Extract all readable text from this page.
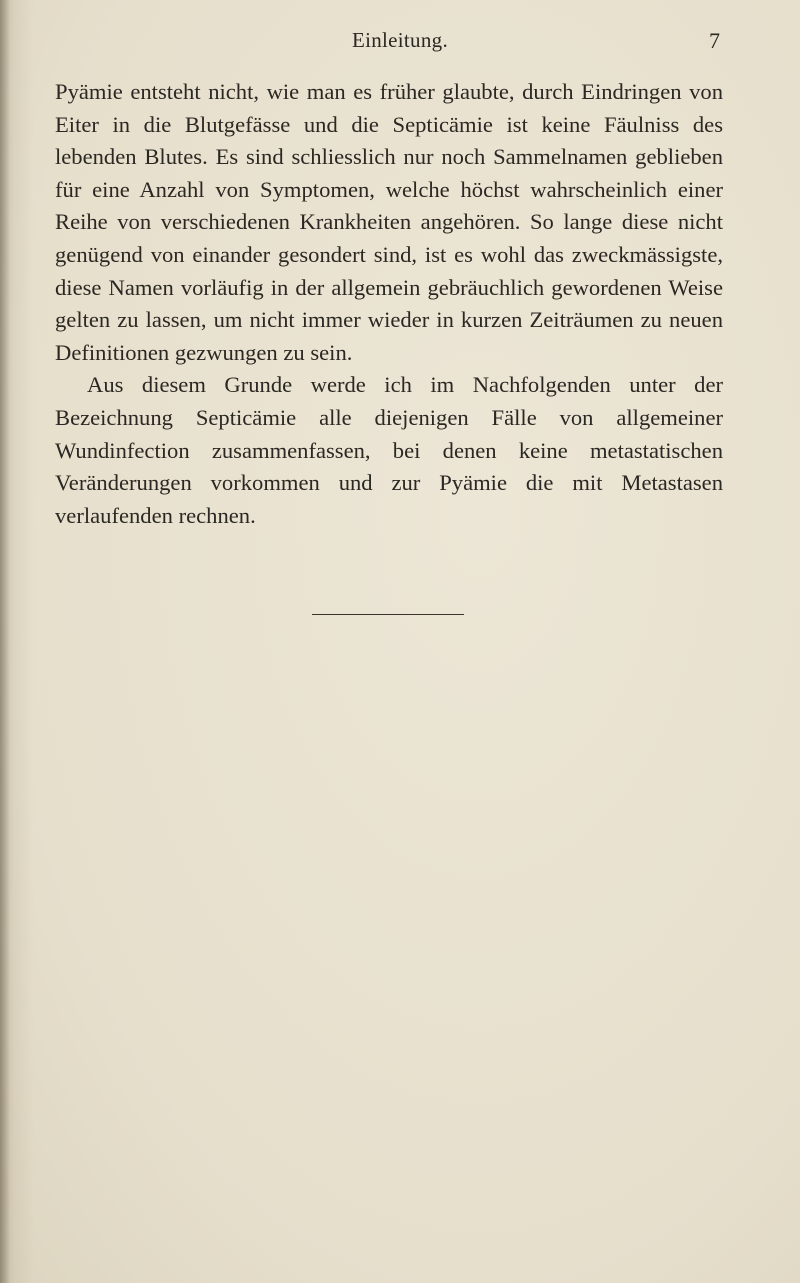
Einleitung.	7

Pyämie entsteht nicht, wie man es früher glaubte, durch Eindringen von Eiter in die Blutgefässe und die Septicämie ist keine Fäulniss des lebenden Blutes. Es sind schliesslich nur noch Sammelnamen geblieben für eine Anzahl von Symptomen, welche höchst wahrscheinlich einer Reihe von verschiedenen Krankheiten angehören. So lange diese nicht genügend von einander gesondert sind, ist es wohl das zweckmässigste, diese Namen vorläufig in der allgemein gebräuchlich gewordenen Weise gelten zu lassen, um nicht immer wieder in kurzen Zeiträumen zu neuen Definitionen gezwungen zu sein.

Aus diesem Grunde werde ich im Nachfolgenden unter der Bezeichnung Septicämie alle diejenigen Fälle von allgemeiner Wundinfection zusammenfassen, bei denen keine metastatischen Veränderungen vorkommen und zur Pyämie die mit Metastasen verlaufenden rechnen.
